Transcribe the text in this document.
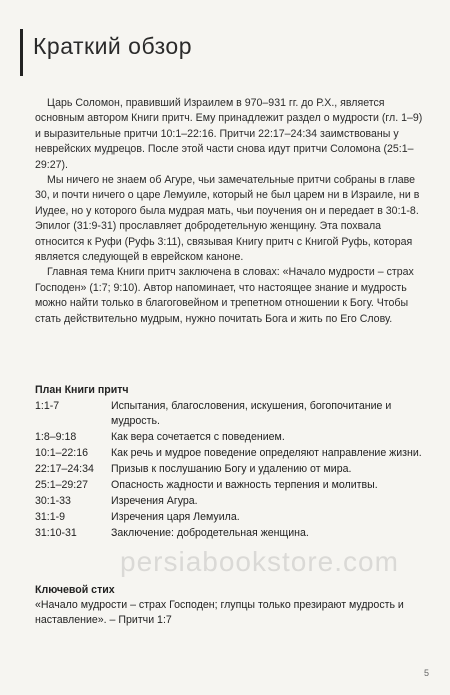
Краткий обзор

Царь Соломон, правивший Израилем в 970–931 гг. до Р.Х., является основным автором Книги притч. Ему принадлежит раздел о мудрости (гл. 1–9) и выразительные притчи 10:1–22:16. Притчи 22:17–24:34 заимствованы у неврейских мудрецов. После этой части снова идут притчи Соломона (25:1–29:27).

Мы ничего не знаем об Агуре, чьи замечательные притчи собраны в главе 30, и почти ничего о царе Лемуиле, который не был царем ни в Израиле, ни в Иудее, но у которого была мудрая мать, чьи поучения он и передает в 30:1-8. Эпилог (31:9-31) прославляет добродетельную женщину. Эта похвала относится к Руфи (Руфь 3:11), связывая Книгу притч с Книгой Руфь, которая является следующей в еврейском каноне.

Главная тема Книги притч заключена в словах: «Начало мудрости – страх Господен» (1:7; 9:10). Автор напоминает, что настоящее знание и мудрость можно найти только в благоговейном и трепетном отношении к Богу. Чтобы стать действительно мудрым, нужно почитать Бога и жить по Его Слову.

План Книги притч
1:1-7	Испытания, благословения, искушения, богопочитание и мудрость.
1:8–9:18	Как вера сочетается с поведением.
10:1–22:16	Как речь и мудрое поведение определяют направление жизни.
22:17–24:34	Призыв к послушанию Богу и удалению от мира.
25:1–29:27	Опасность жадности и важность терпения и молитвы.
30:1-33	Изречения Агура.
31:1-9	Изречения царя Лемуила.
31:10-31	Заключение: добродетельная женщина.
Ключевой стих

«Начало мудрости – страх Господен; глупцы только презирают мудрость и наставление». – Притчи 1:7

persiabookstore.com
5
